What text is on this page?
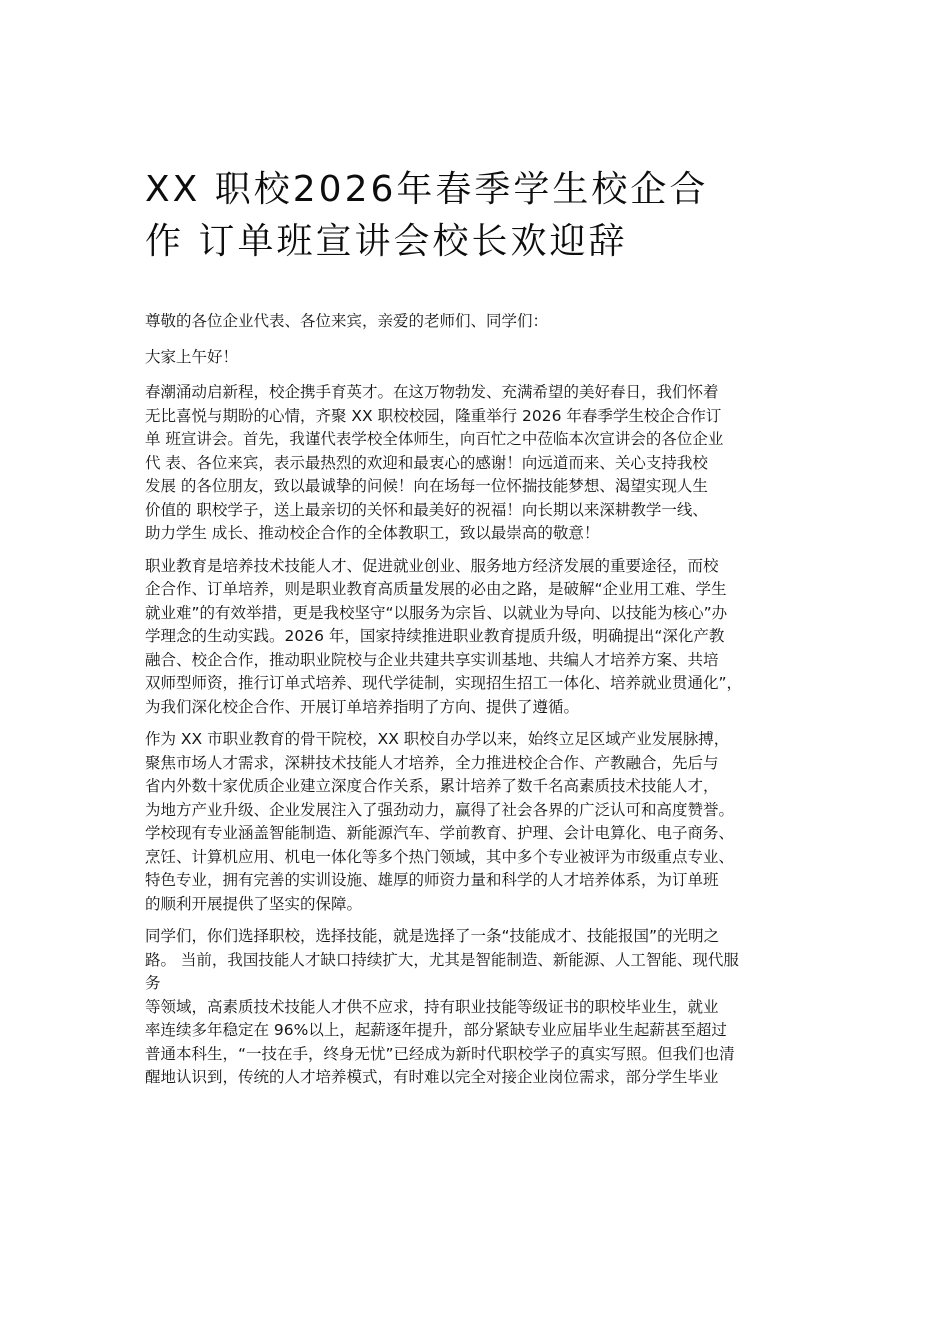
XX 职校2026年春季学生校企合
作 订单班宣讲会校长欢迎辞

尊敬的各位企业代表、各位来宾，亲爱的老师们、同学们：

大家上午好！

春潮涌动启新程，校企携手育英才。在这万物勃发、充满希望的美好春日，我们怀着
无比喜悦与期盼的心情，齐聚 XX 职校校园，隆重举行 2026 年春季学生校企合作订
单 班宣讲会。首先，我谨代表学校全体师生，向百忙之中莅临本次宣讲会的各位企业
代 表、各位来宾，表示最热烈的欢迎和最衷心的感谢！向远道而来、关心支持我校
发展 的各位朋友，致以最诚挚的问候！向在场每一位怀揣技能梦想、渴望实现人生
价值的 职校学子，送上最亲切的关怀和最美好的祝福！向长期以来深耕教学一线、
助力学生 成长、推动校企合作的全体教职工，致以最崇高的敬意！

职业教育是培养技术技能人才、促进就业创业、服务地方经济发展的重要途径，而校
企合作、订单培养，则是职业教育高质量发展的必由之路，是破解“企业用工难、学生
就业难”的有效举措，更是我校坚守“以服务为宗旨、以就业为导向、以技能为核心”办
学理念的生动实践。2026 年，国家持续推进职业教育提质升级，明确提出“深化产教
融合、校企合作，推动职业院校与企业共建共享实训基地、共编人才培养方案、共培
双师型师资，推行订单式培养、现代学徒制，实现招生招工一体化、培养就业贯通化”，
为我们深化校企合作、开展订单培养指明了方向、提供了遵循。

作为 XX 市职业教育的骨干院校，XX 职校自办学以来，始终立足区域产业发展脉搏，
聚焦市场人才需求，深耕技术技能人才培养，全力推进校企合作、产教融合，先后与
省内外数十家优质企业建立深度合作关系，累计培养了数千名高素质技术技能人才，
为地方产业升级、企业发展注入了强劲动力，赢得了社会各界的广泛认可和高度赞誉。
学校现有专业涵盖智能制造、新能源汽车、学前教育、护理、会计电算化、电子商务、
烹饪、计算机应用、机电一体化等多个热门领域，其中多个专业被评为市级重点专业、
特色专业，拥有完善的实训设施、雄厚的师资力量和科学的人才培养体系，为订单班
的顺利开展提供了坚实的保障。

同学们，你们选择职校，选择技能，就是选择了一条“技能成才、技能报国”的光明之
路。 当前，我国技能人才缺口持续扩大，尤其是智能制造、新能源、人工智能、现代服
务
等领域，高素质技术技能人才供不应求，持有职业技能等级证书的职校毕业生，就业
率连续多年稳定在 96%以上，起薪逐年提升，部分紧缺专业应届毕业生起薪甚至超过
普通本科生，“一技在手，终身无忧”已经成为新时代职校学子的真实写照。但我们也清
醒地认识到，传统的人才培养模式，有时难以完全对接企业岗位需求，部分学生毕业
